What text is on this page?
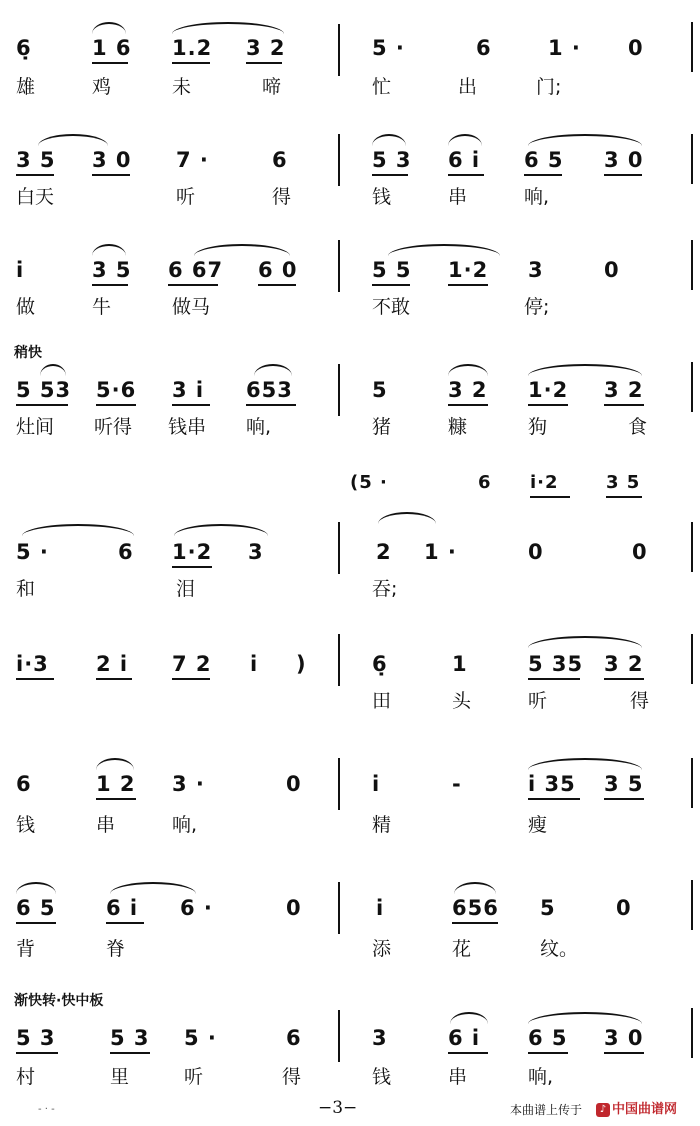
6̣	1 6 1.2 3 2	5 ·	6	1 · 0
雄	鸡	未	啼	忙	出	门;
3 5 3 0 7 ·	6	5 3 6 i 6 5 3 0
白天	听	得	钱	串	响,
i	3 5 6 67 6 0	5 5 1·2 3	0
做	牛	做马	不敢	停;
稍快
5 53 5·6 3 i 653	5	3 2 1·2 3 2
灶间 听得 钱串 响,	猪	糠	狗	食
(5 ·	6 i·2	3 5
5 ·	6 1·2 3	2 1 ·	0	0
和	泪	吞;
i·3 2 i 7 2 i )	6̣	1	5 35 3 2
田	头	听	得
6	1 2 3 ·	0	i	-	i 35 3 5
钱	串	响,	精	瘦
6 5 6 i 6 ·	0	i	656 5	0
背	脊	添	花	纹。
渐快转·快中板
5 3	5 3 5 ·	6	3	6 i 6 5 3 0
村	里	听	得	钱	串	响,
- · -	−3−	本曲谱上传于	♪ 中国曲谱网
